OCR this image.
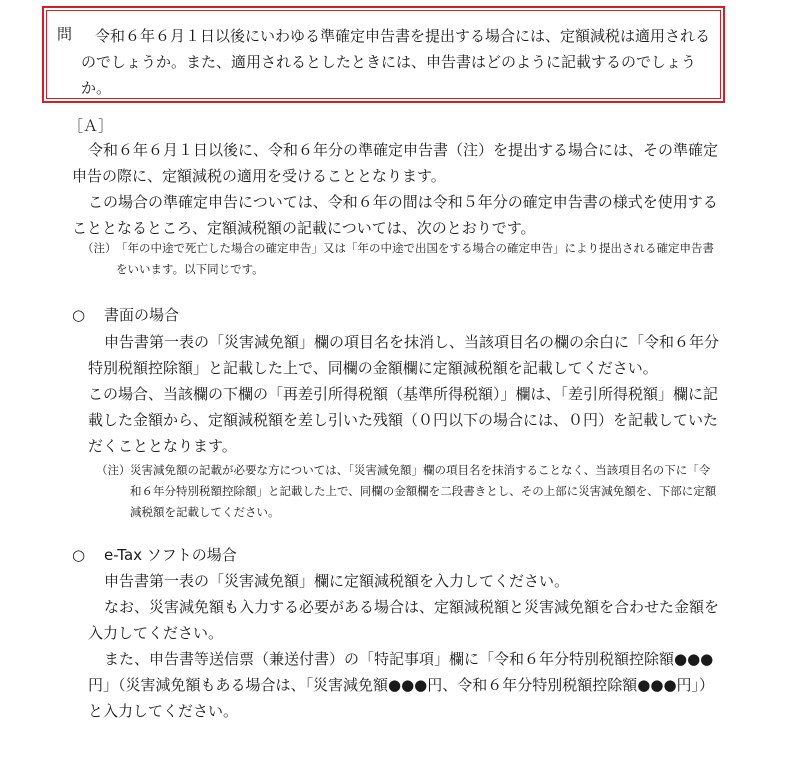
問	令和６年６月１日以後にいわゆる準確定申告書を提出する場合には、定額減税は適用されるのでしょうか。また、適用されるとしたときには、申告書はどのように記載するのでしょうか。

［Ａ］

令和６年６月１日以後に、令和６年分の準確定申告書（注）を提出する場合には、その準確定申告の際に、定額減税の適用を受けることとなります。

この場合の準確定申告については、令和６年の間は令和５年分の確定申告書の様式を使用することとなるところ、定額減税額の記載については、次のとおりです。

（注） 「年の中途で死亡した場合の確定申告」又は「年の中途で出国をする場合の確定申告」により提出される確定申告書をいいます。以下同じです。
○ 書面の場合

申告書第一表の「災害減免額」欄の項目名を抹消し、当該項目名の欄の余白に「令和６年分特別税額控除額」と記載した上で、同欄の金額欄に定額減税額を記載してください。

この場合、当該欄の下欄の「再差引所得税額（基準所得税額）」欄は、「差引所得税額」欄に記載した金額から、定額減税額を差し引いた残額（０円以下の場合には、０円）を記載していただくこととなります。

（注） 災害減免額の記載が必要な方については、「災害減免額」欄の項目名を抹消することなく、当該項目名の下に「令和６年分特別税額控除額」と記載した上で、同欄の金額欄を二段書きとし、その上部に災害減免額を、下部に定額減税額を記載してください。
○ e-Tax ソフトの場合

申告書第一表の「災害減免額」欄に定額減税額を入力してください。

なお、災害減免額も入力する必要がある場合は、定額減税額と災害減免額を合わせた金額を入力してください。

また、申告書等送信票（兼送付書）の「特記事項」欄に「令和６年分特別税額控除額●●●円」（災害減免額もある場合は、「災害減免額●●●円、令和６年分特別税額控除額●●●円」）と入力してください。
